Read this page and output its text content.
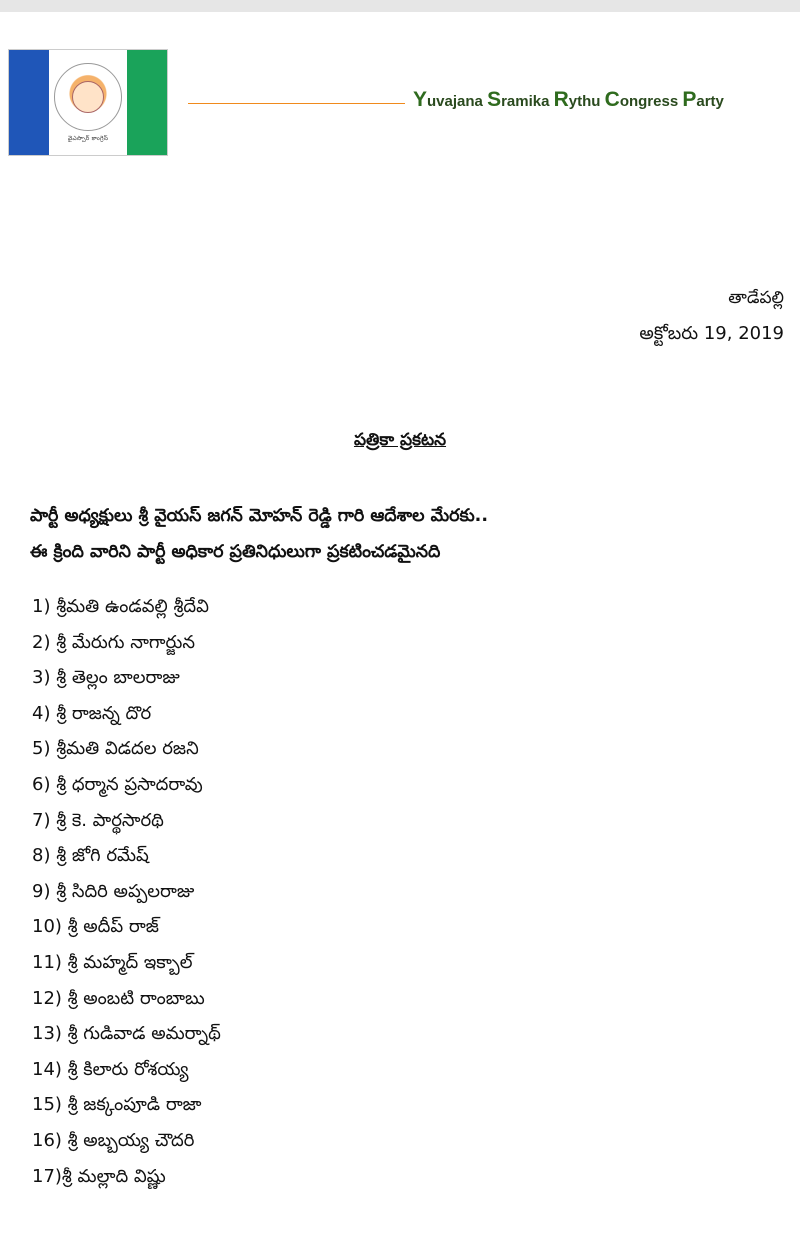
వైఎస్సార్ కాంగ్రెస్
Yuvajana Sramika Rythu Congress Party
తాడేపల్లి
అక్టోబరు 19, 2019
పత్రికా ప్రకటన
పార్టీ అధ్యక్షులు శ్రీ వైయస్ జగన్ మోహన్ రెడ్డి గారి ఆదేశాల మేరకు..
ఈ క్రింది వారిని పార్టీ అధికార ప్రతినిధులుగా ప్రకటించడమైనది
1) శ్రీమతి ఉండవల్లి శ్రీదేవి
2) శ్రీ మేరుగు నాగార్జున
3) శ్రీ తెల్లం బాలరాజు
4) శ్రీ రాజన్న దొర
5) శ్రీమతి విడదల రజని
6) శ్రీ ధర్మాన ప్రసాదరావు
7) శ్రీ కె. పార్థసారథి
8) శ్రీ జోగి రమేష్
9) శ్రీ సిదిరి అప్పలరాజు
10) శ్రీ అదీప్ రాజ్
11) శ్రీ మహ్మద్ ఇక్బాల్
12) శ్రీ అంబటి రాంబాబు
13) శ్రీ గుడివాడ అమర్నాథ్
14) శ్రీ కిలారు రోశయ్య
15) శ్రీ జక్కంపూడి రాజా
16) శ్రీ అబ్బయ్య చౌదరి
17)శ్రీ మల్లాది విష్ణు
